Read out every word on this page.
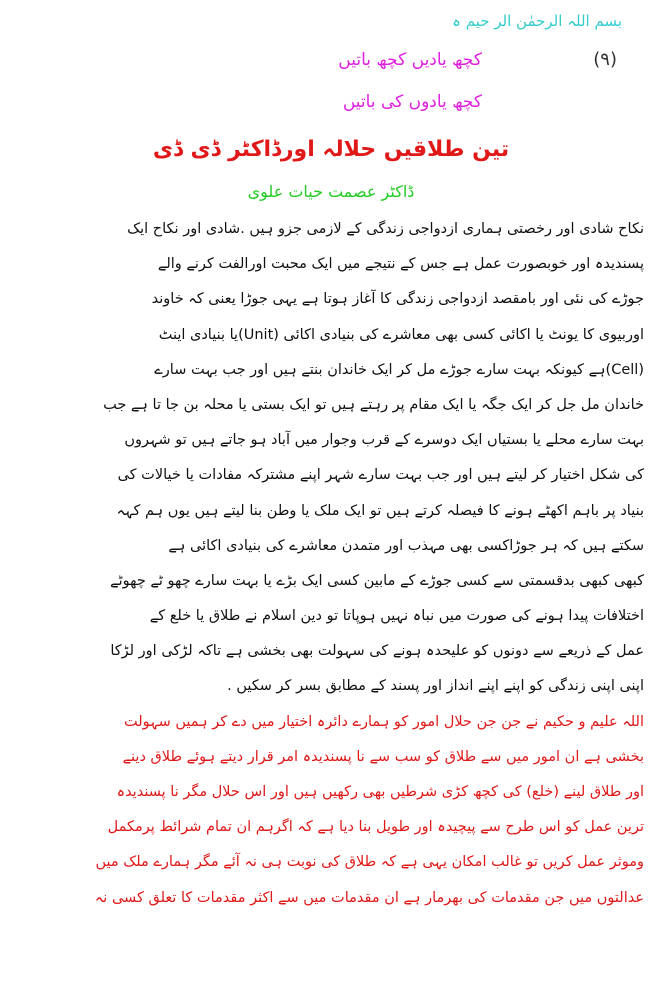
بسم اللہ الرحمٰن الر حیم ہ
(۹)
کچھ یادیں کچھ باتیں
کچھ یادوں کی باتیں
تین طلاقیں حلالہ اورڈاکٹر ڈی ڈی
ڈاکٹر عصمت حیات علوی
نکاح شادی اور رخصتی ہماری ازدواجی زندگی کے لازمی جزو ہیں .شادی اور نکاح ایک
پسندیدہ اور خوبصورت عمل ہے جس کے نتیجے میں ایک محبت اورالفت کرنے والے
جوڑے کی نئی اور بامقصد ازدواجی زندگی کا آغاز ہوتا ہے یہی جوڑا یعنی کہ خاوند
اوربیوی کا یونٹ یا اکائی کسی بھی معاشرے کی بنیادی اکائی (Unit)یا بنیادی اینٹ
(Cell)ہے کیونکہ بہت سارے جوڑے مل کر ایک خاندان بنتے ہیں اور جب بہت سارے
خاندان مل جل کر ایک جگہ یا ایک مقام پر رہتے ہیں تو ایک بستی یا محلہ بن جا تا ہے جب
بہت سارے محلے یا بستیاں ایک دوسرے کے قرب وجوار میں آباد ہو جاتے ہیں تو شہروں
کی شکل اختیار کر لیتے ہیں اور جب بہت سارے شہر اپنے مشترکہ مفادات یا خیالات کی
بنیاد پر باہم اکھٹے ہونے کا فیصلہ کرتے ہیں تو ایک ملک یا وطن بنا لیتے ہیں یوں ہم کہہ
سکتے ہیں کہ ہر جوڑاکسی بھی مہذب اور متمدن معاشرے کی بنیادی اکائی ہے
کبھی کبھی بدقسمتی سے کسی جوڑے کے مابین کسی ایک بڑے یا بہت سارے چھو ٹے چھوٹے
اختلافات پیدا ہونے کی صورت میں نباہ نہیں ہوپاتا تو دین اسلام نے طلاق یا خلع کے
عمل کے ذریعے سے دونوں کو علیحدہ ہونے کی سہولت بھی بخشی ہے تاکہ لڑکی اور لڑکا
اپنی اپنی زندگی کو اپنے اپنے انداز اور پسند کے مطابق بسر کر سکیں .
اللہ علیم و حکیم نے جن جن حلال امور کو ہمارے دائرہ اختیار میں دے کر ہمیں سہولت
بخشی ہے ان امور میں سے طلاق کو سب سے نا پسندیدہ امر قرار دیتے ہوئے طلاق دینے
اور طلاق لینے (خلع) کی کچھ کڑی شرطیں بھی رکھیں ہیں اور اس حلال مگر نا پسندیدہ
ترین عمل کو اس طرح سے پیچیدہ اور طویل بنا دیا ہے کہ اگرہم ان تمام شرائط پرمکمل
وموثر عمل کریں تو غالب امکان یہی ہے کہ طلاق کی نوبت ہی نہ آئے مگر ہمارے ملک میں
عدالتوں میں جن مقدمات کی بھرمار ہے ان مقدمات میں سے اکثر مقدمات کا تعلق کسی نہ
